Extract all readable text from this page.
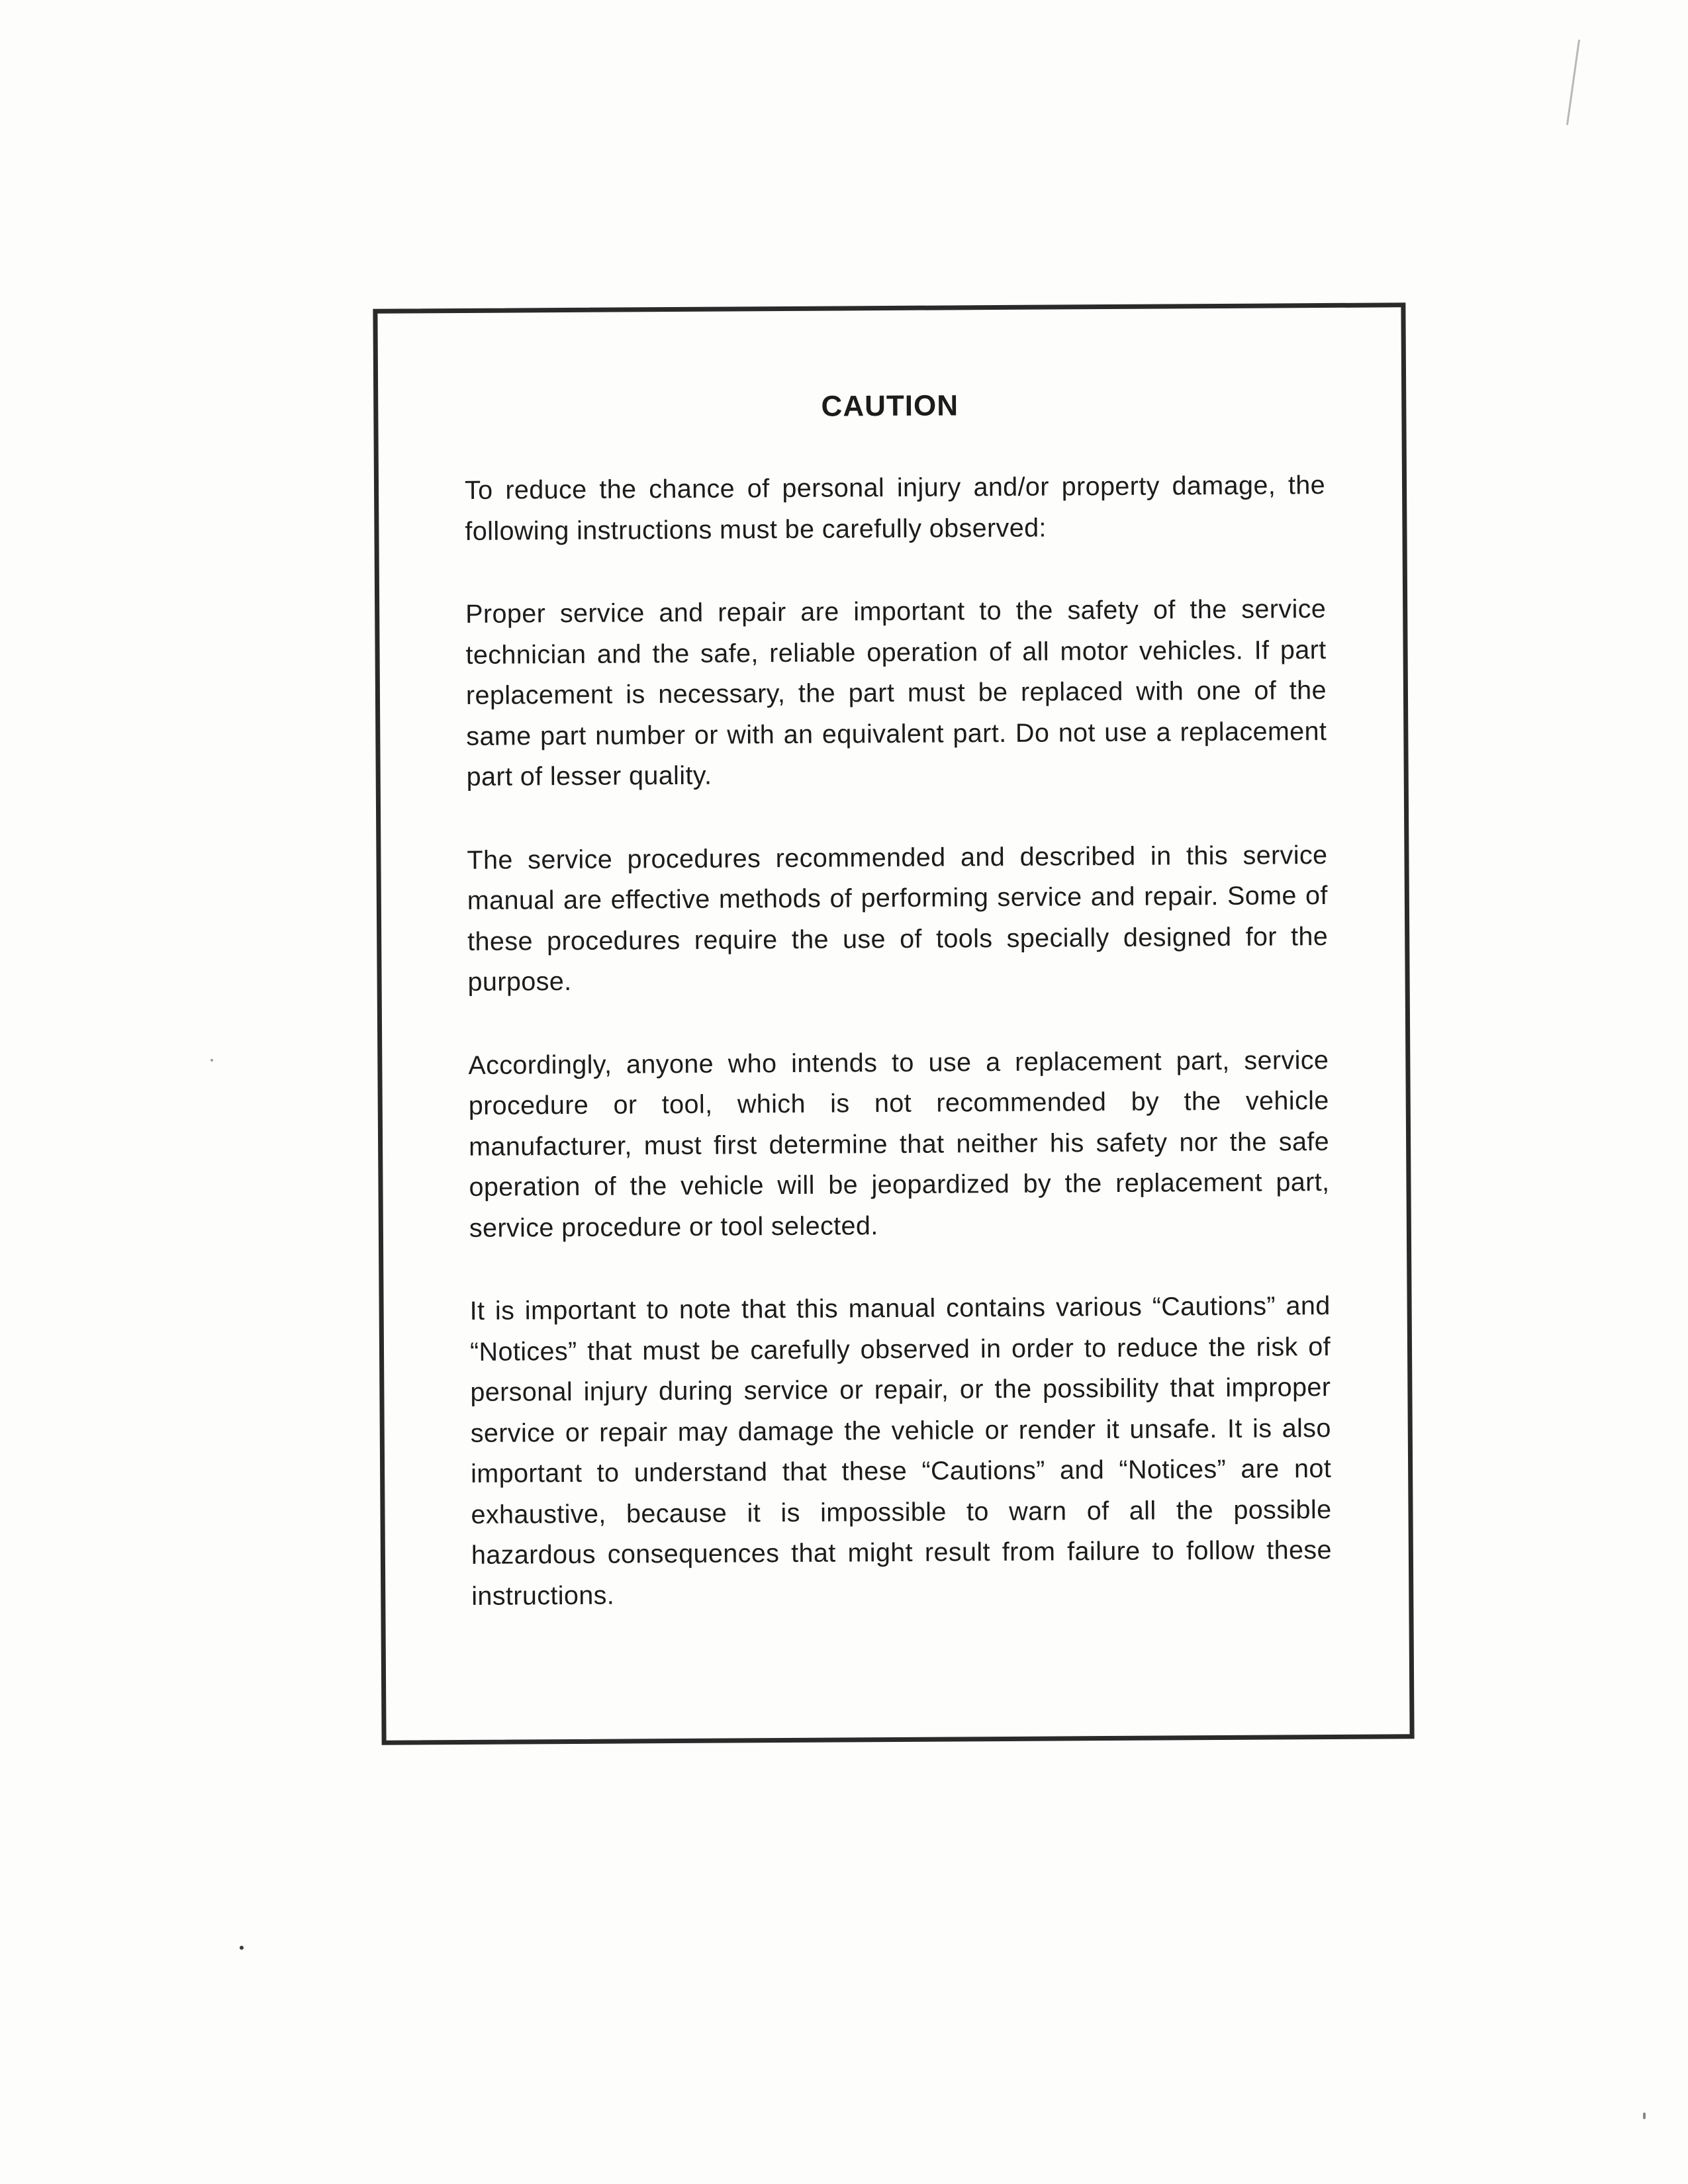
CAUTION

To reduce the chance of personal injury and/or property damage, the following instructions must be carefully observed:

Proper service and repair are important to the safety of the service technician and the safe, reliable operation of all motor vehicles. If part replacement is necessary, the part must be replaced with one of the same part number or with an equivalent part. Do not use a replacement part of lesser quality.

The service procedures recommended and described in this service manual are effective methods of performing service and repair. Some of these procedures require the use of tools specially designed for the purpose.

Accordingly, anyone who intends to use a replacement part, service procedure or tool, which is not recommended by the vehicle manufacturer, must first determine that neither his safety nor the safe operation of the vehicle will be jeopardized by the replacement part, service procedure or tool selected.

It is important to note that this manual contains various “Cautions” and “Notices” that must be carefully observed in order to reduce the risk of personal injury during service or repair, or the possibility that improper service or repair may damage the vehicle or render it unsafe. It is also important to understand that these “Cautions” and “Notices” are not exhaustive, because it is impossible to warn of all the possible hazardous consequences that might result from failure to follow these instructions.
